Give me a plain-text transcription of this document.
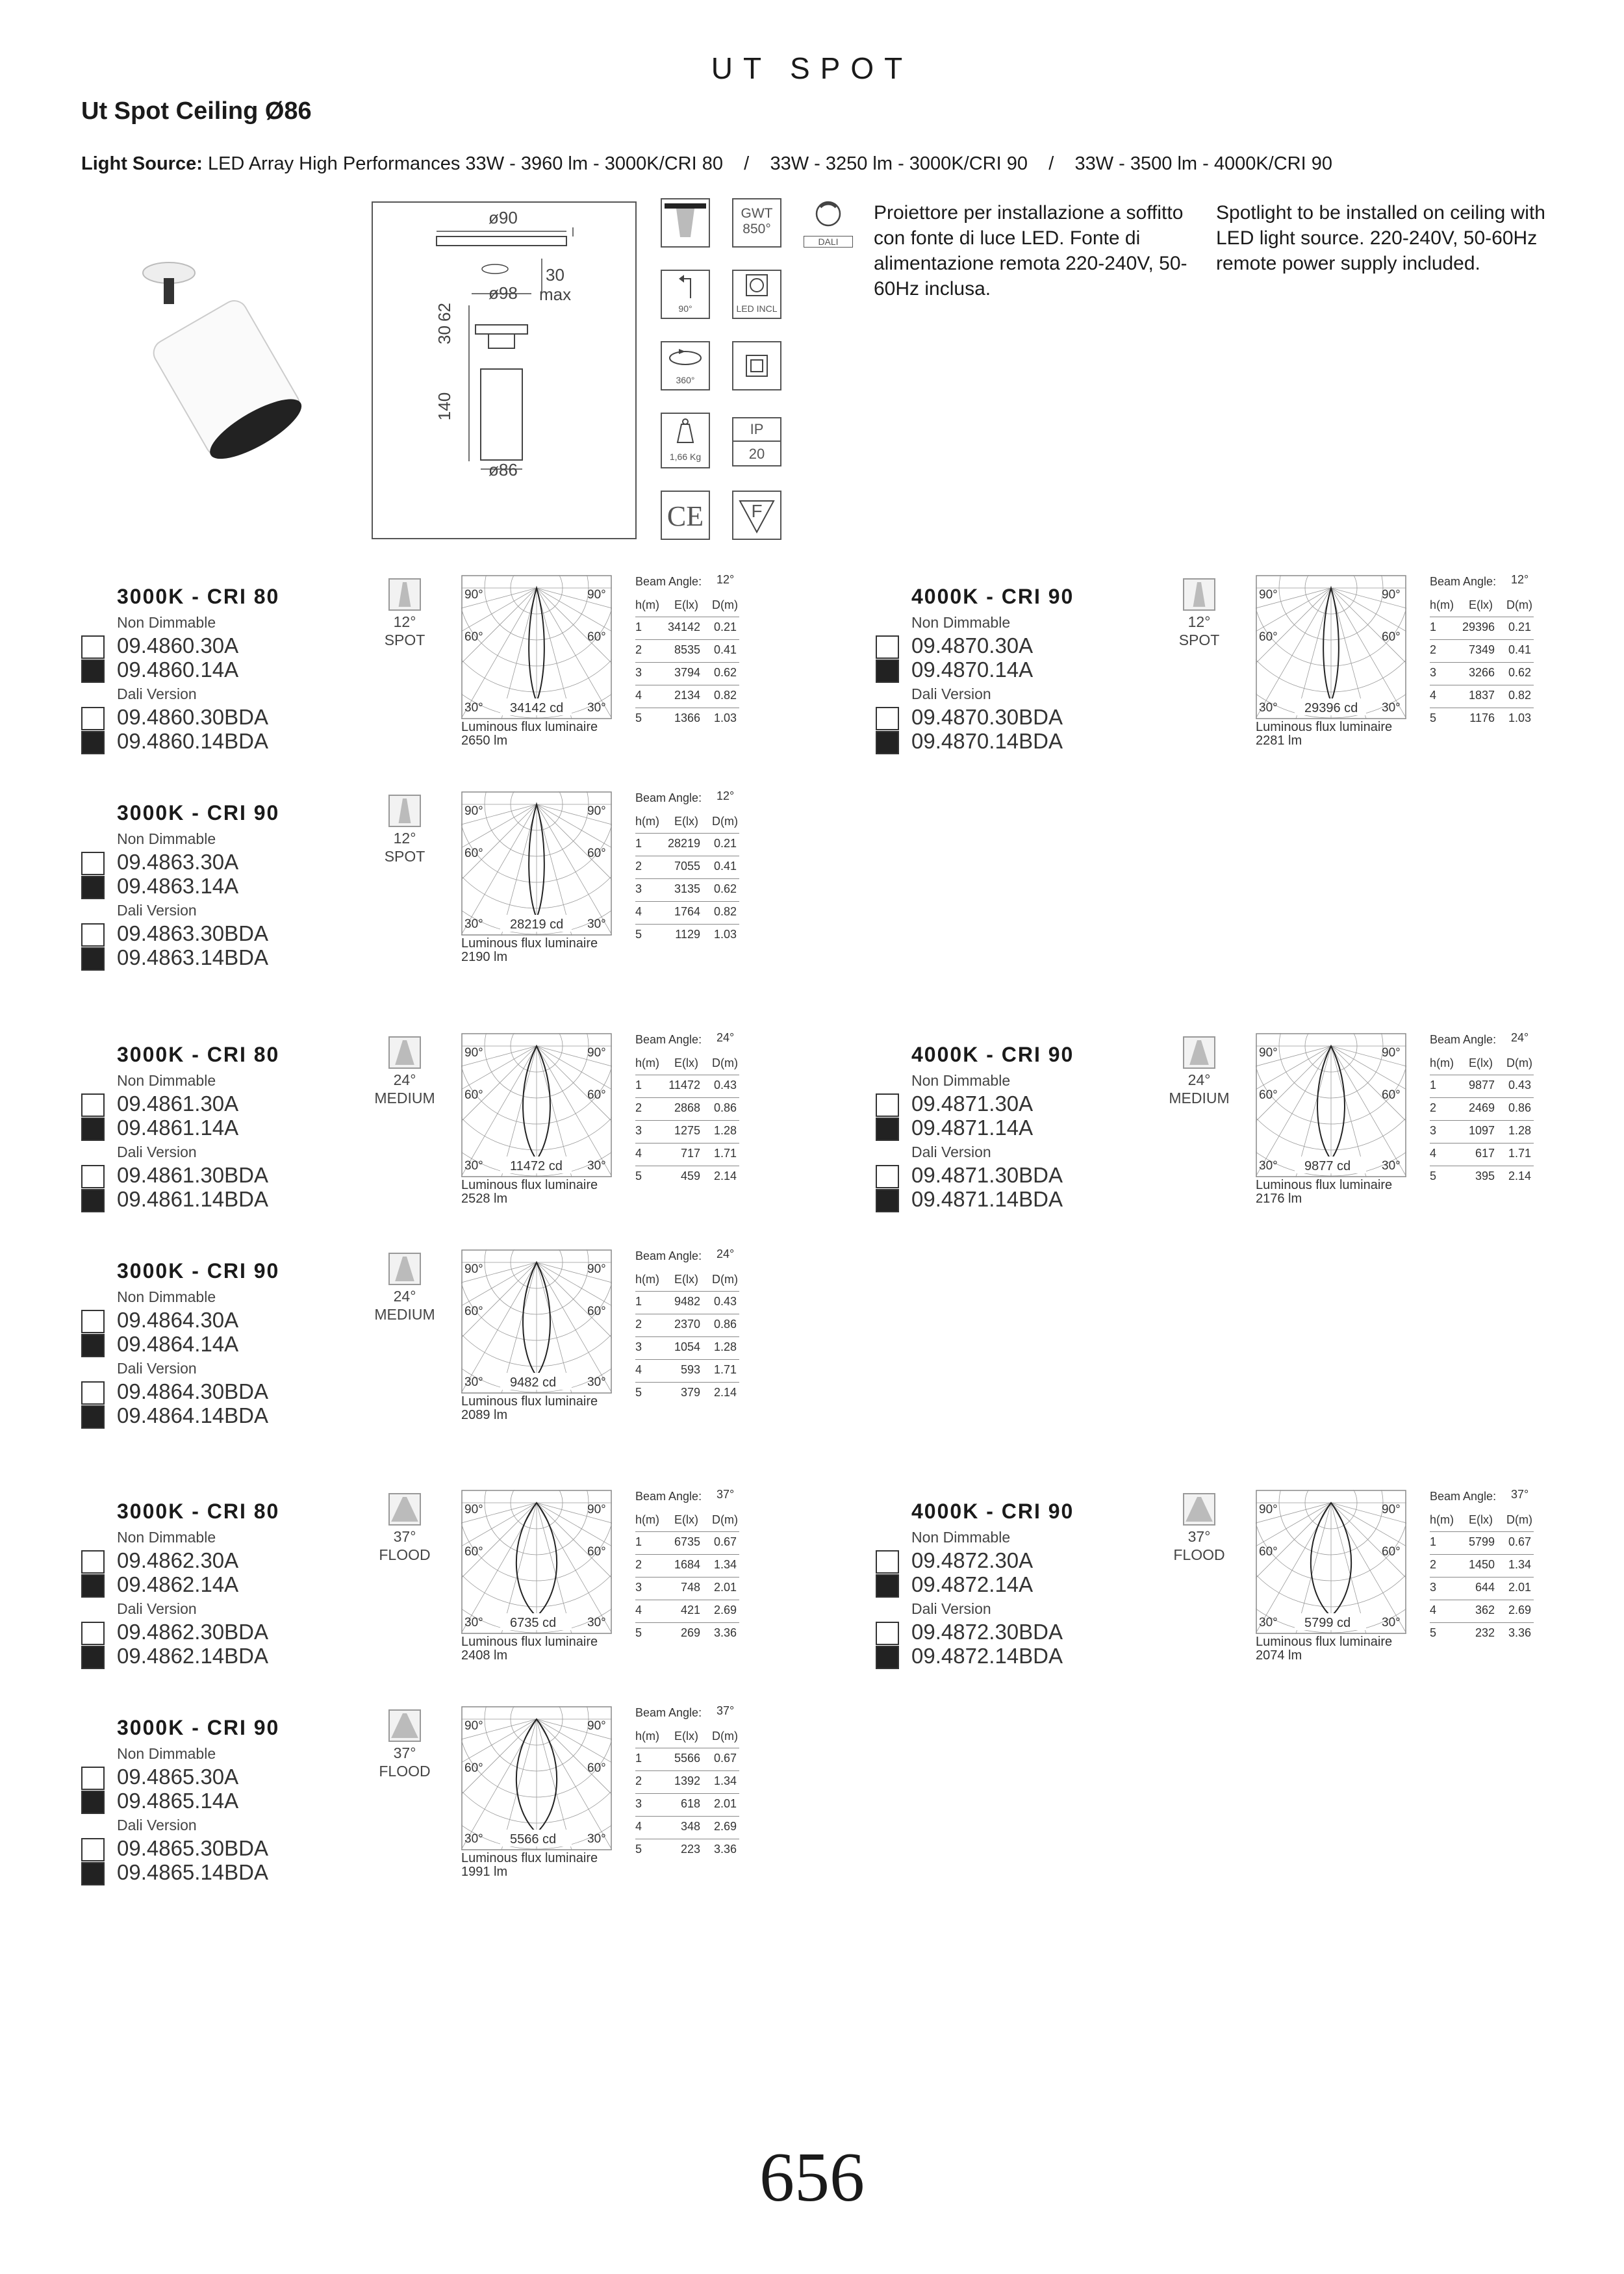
UT SPOT
Ut Spot Ceiling Ø86
Light Source: LED Array High Performances 33W - 3960 lm - 3000K/CRI 80    /    33W - 3250 lm - 3000K/CRI 90    /    33W - 3500 lm - 4000K/CRI 90
ø90
ø98
30
max
30
62
140
ø86
GWT
850°
DALI
90°	LED INCL
360°
1,66 Kg
IP
20
CE	F
Proiettore per installazione a soffitto con fonte di luce LED. Fonte di alimentazione remota 220-240V, 50-60Hz inclusa.
Spotlight to be installed on ceiling with LED light source. 220-240V, 50-60Hz remote power supply included.
3000K - CRI 80
Non Dimmable
Dali Version
09.4860.30A
09.4860.14A
09.4860.30BDA
09.4860.14BDA
12°
SPOT
90°	90°
60°	60°
30°	30°
34142 cd
Luminous flux luminaire
2650 lm
Beam Angle: 12°
h(m) E(lx) D(m)
1	34142	0.21
2	8535	0.41
3	3794	0.62
4	2134	0.82
5	1366	1.03
4000K - CRI 90
Non Dimmable
Dali Version
09.4870.30A
09.4870.14A
09.4870.30BDA
09.4870.14BDA
12°
SPOT
90°	90°
60°	60°
30°	30°
29396 cd
Luminous flux luminaire
2281 lm
Beam Angle: 12°
h(m) E(lx) D(m)
1	29396	0.21
2	7349	0.41
3	3266	0.62
4	1837	0.82
5	1176	1.03
3000K - CRI 90
Non Dimmable
Dali Version
09.4863.30A
09.4863.14A
09.4863.30BDA
09.4863.14BDA
12°
SPOT
90°	90°
60°	60°
30°	30°
28219 cd
Luminous flux luminaire
2190 lm
Beam Angle: 12°
h(m) E(lx) D(m)
1	28219	0.21
2	7055	0.41
3	3135	0.62
4	1764	0.82
5	1129	1.03
3000K - CRI 80
Non Dimmable
Dali Version
09.4861.30A
09.4861.14A
09.4861.30BDA
09.4861.14BDA
24°
MEDIUM
90°	90°
60°	60°
30°	30°
11472 cd
Luminous flux luminaire
2528 lm
Beam Angle: 24°
h(m) E(lx) D(m)
1	11472	0.43
2	2868	0.86
3	1275	1.28
4	717	1.71
5	459	2.14
4000K - CRI 90
Non Dimmable
Dali Version
09.4871.30A
09.4871.14A
09.4871.30BDA
09.4871.14BDA
24°
MEDIUM
90°	90°
60°	60°
30°	30°
9877 cd
Luminous flux luminaire
2176 lm
Beam Angle: 24°
h(m) E(lx) D(m)
1	9877	0.43
2	2469	0.86
3	1097	1.28
4	617	1.71
5	395	2.14
3000K - CRI 90
Non Dimmable
Dali Version
09.4864.30A
09.4864.14A
09.4864.30BDA
09.4864.14BDA
24°
MEDIUM
90°	90°
60°	60°
30°	30°
9482 cd
Luminous flux luminaire
2089 lm
Beam Angle: 24°
h(m) E(lx) D(m)
1	9482	0.43
2	2370	0.86
3	1054	1.28
4	593	1.71
5	379	2.14
3000K - CRI 80
Non Dimmable
Dali Version
09.4862.30A
09.4862.14A
09.4862.30BDA
09.4862.14BDA
37°
FLOOD
90°	90°
60°	60°
30°	30°
6735 cd
Luminous flux luminaire
2408 lm
Beam Angle: 37°
h(m) E(lx) D(m)
1	6735	0.67
2	1684	1.34
3	748	2.01
4	421	2.69
5	269	3.36
4000K - CRI 90
Non Dimmable
Dali Version
09.4872.30A
09.4872.14A
09.4872.30BDA
09.4872.14BDA
37°
FLOOD
90°	90°
60°	60°
30°	30°
5799 cd
Luminous flux luminaire
2074 lm
Beam Angle: 37°
h(m) E(lx) D(m)
1	5799	0.67
2	1450	1.34
3	644	2.01
4	362	2.69
5	232	3.36
3000K - CRI 90
Non Dimmable
Dali Version
09.4865.30A
09.4865.14A
09.4865.30BDA
09.4865.14BDA
37°
FLOOD
90°	90°
60°	60°
30°	30°
5566 cd
Luminous flux luminaire
1991 lm
Beam Angle: 37°
h(m) E(lx) D(m)
1	5566	0.67
2	1392	1.34
3	618	2.01
4	348	2.69
5	223	3.36
656
